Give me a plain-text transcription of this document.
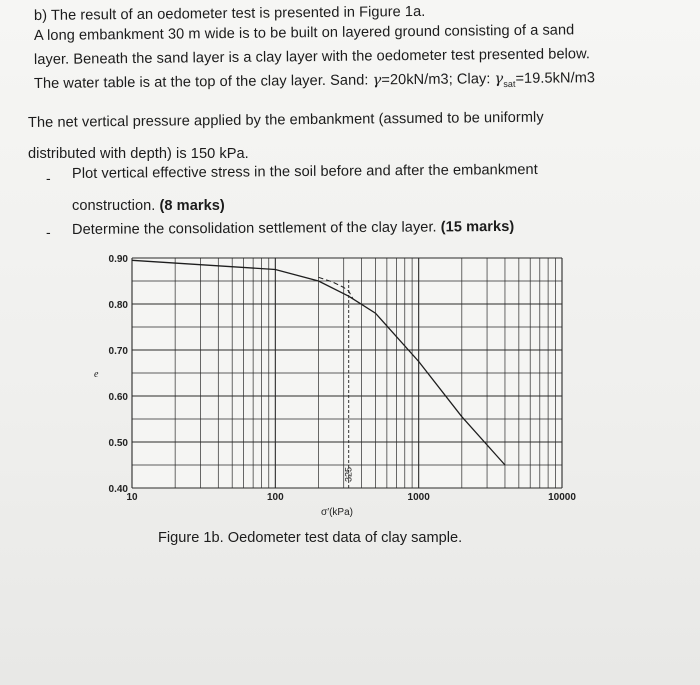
b) The result of an oedometer test is presented in Figure 1a.
A long embankment 30 m wide is to be built on layered ground consisting of a sand
layer. Beneath the sand layer is a clay layer with the oedometer test presented below.
The water table is at the top of the clay layer. Sand: γ=20kN/m3; Clay: $\gamma_{sat}=19.5kN/m3$
The net vertical pressure applied by the embankment (assumed to be uniformly
distributed with depth) is 150 kPa.
- Plot vertical effective stress in the soil before and after the embankment
construction. (8 marks)
- Determine the consolidation settlement of the clay layer. (15 marks)
325
0.40
0.50
0.60
0.70
0.80
0.90
10	100	1000	10000
σ′(kPa)
e
Figure 1b. Oedometer test data of clay sample.
